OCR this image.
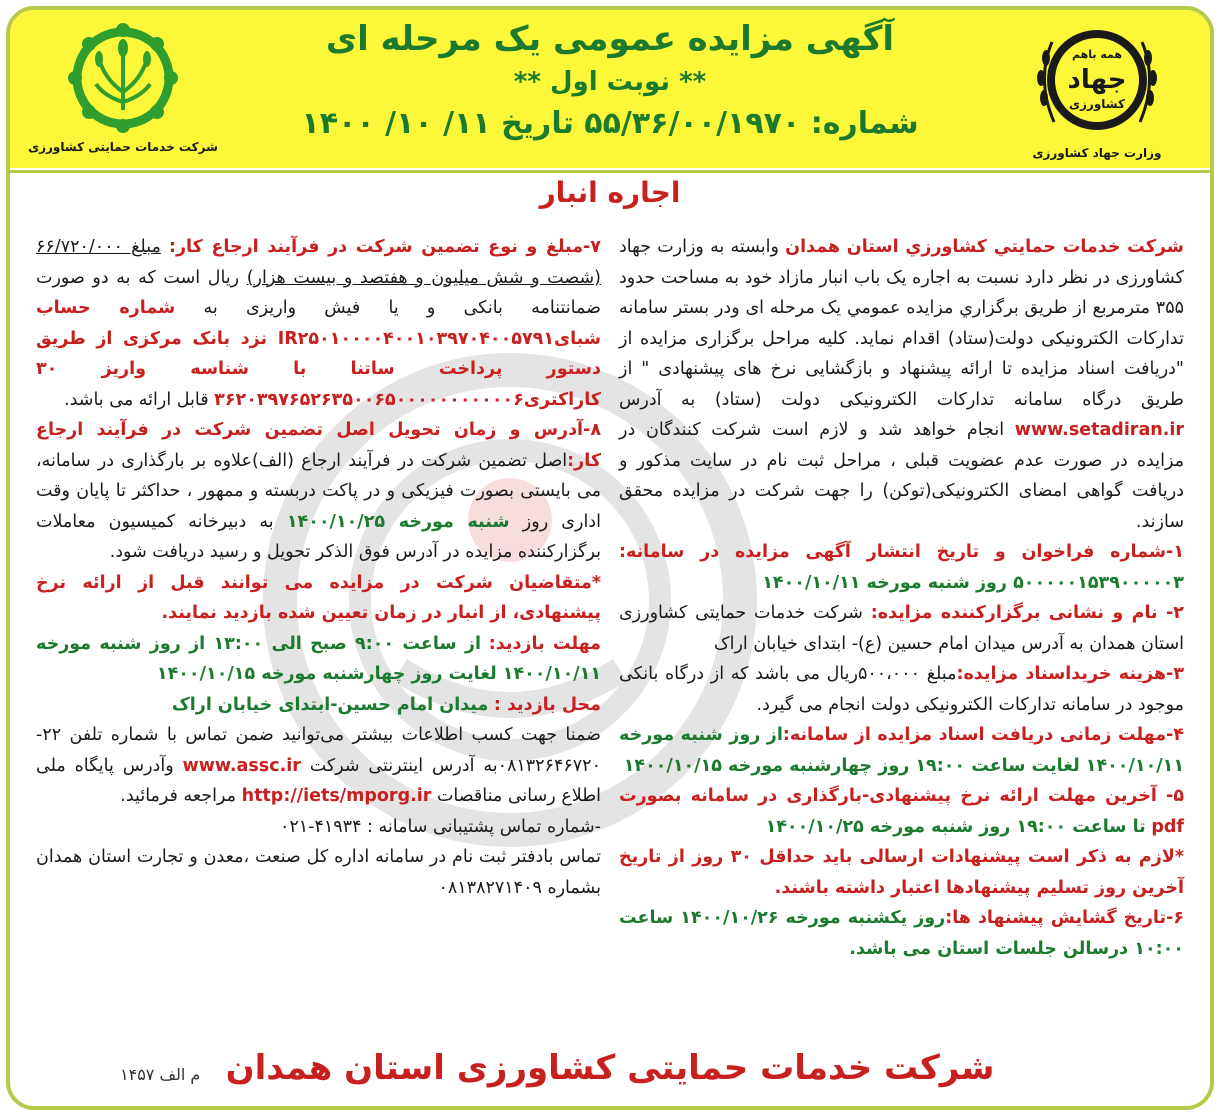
همه باهم
جهاد
کشاورزی
وزارت جهاد کشاورزی
شرکت خدمات حمایتی کشاورزی
آگهی مزایده عمومی یک مرحله ای
** نوبت اول **
شماره: ۵۵/۳۶/۰۰/۱۹۷۰ تاریخ ۱۱/ ۱۰/ ۱۴۰۰
اجاره انبار

شرکت خدمات حمایتي كشاورزي استان همدان وابسته به وزارت جهاد کشاورزی در نظر دارد نسبت به اجاره یک باب انبار مازاد خود به مساحت حدود ۳۵۵ مترمربع از طريق برگزاري مزايده عمومي یک مرحله ای ودر بستر سامانه تدارکات الکترونیکی دولت(ستاد) اقدام نماید. کلیه مراحل برگزاری مزایده از "دریافت اسناد مزایده تا ارائه پیشنهاد و بازگشایی نرخ های پیشنهادی " از طریق درگاه سامانه تدارکات الکترونیکی دولت (ستاد) به آدرس www.setadiran.ir انجام خواهد شد و لازم است شرکت کنندگان در مزایده در صورت عدم عضویت قبلی ، مراحل ثبت نام در سایت مذکور و دریافت گواهی امضای الکترونیکی(توکن) را جهت شرکت در مزایده محقق سازند.

۱-شماره فراخوان و تاریخ انتشار آگهی مزایده در سامانه: ۵۰۰۰۰۰۱۵۳۹۰۰۰۰۰۳ روز شنبه مورخه ۱۴۰۰/۱۰/۱۱

۲- نام و نشانی برگزارکننده مزایده: شرکت خدمات حمایتی کشاورزی استان همدان به آدرس میدان امام حسین (ع)- ابتدای خیابان اراک

۳-هزینه خریداسناد مزایده:مبلغ ۵۰۰،۰۰۰ریال می باشد که از درگاه بانکی موجود در سامانه تدارکات الکترونیکی دولت انجام می گیرد.

۴-مهلت زمانی دریافت اسناد مزایده از سامانه:از روز شنبه مورخه ۱۴۰۰/۱۰/۱۱ لغایت ساعت ۱۹:۰۰ روز چهارشنبه مورخه ۱۴۰۰/۱۰/۱۵

۵- آخرین مهلت ارائه نرخ پیشنهادی-بارگذاری در سامانه بصورت pdf تا ساعت ۱۹:۰۰ روز شنبه مورخه ۱۴۰۰/۱۰/۲۵

*لازم به ذکر است پیشنهادات ارسالی باید حداقل ۳۰ روز از تاریخ آخرین روز تسلیم پیشنهادها اعتبار داشته باشند.

۶-تاریخ گشایش پیشنهاد ها:روز یکشنبه مورخه ۱۴۰۰/۱۰/۲۶ ساعت ۱۰:۰۰ درسالن جلسات استان می باشد.

۷-مبلغ و نوع تضمین شرکت در فرآیند ارجاع کار: مبلغ ۶۶/۷۲۰/۰۰۰ (شصت و شش میلیون و هفتصد و بیست هزار) ریال است که به دو صورت ضمانتنامه بانکی و یا فیش واریزی به شماره حساب شبایIR۲۵۰۱۰۰۰۰۴۰۰۱۰۳۹۷۰۴۰۰۵۷۹۱ نزد بانک مرکزی از طریق دستور پرداخت ساتنا با شناسه واریز ۳۰ کاراکتری۳۶۲۰۳۹۷۶۵۲۶۳۵۰۰۶۵۰۰۰۰۰۰۰۰۰۰۰۶ قابل ارائه می باشد.

۸-آدرس و زمان تحویل اصل تضمین شرکت در فرآیند ارجاع کار:اصل تضمین شرکت در فرآیند ارجاع (الف)علاوه بر بارگذاری در سامانه، می بایستی بصورت فیزیکی و در پاکت دربسته و ممهور ، حداکثر تا پایان وقت اداری روز شنبه مورخه ۱۴۰۰/۱۰/۲۵ به دبیرخانه کمیسیون معاملات برگزارکننده مزایده در آدرس فوق الذکر تحویل و رسید دریافت شود.

*متقاضیان شرکت در مزایده می توانند قبل از ارائه نرخ پیشنهادی، از انبار در زمان تعیین شده بازدید نمایند.

مهلت بازدید: از ساعت ۹:۰۰ صبح الی ۱۳:۰۰ از روز شنبه مورخه ۱۴۰۰/۱۰/۱۱ لغایت روز چهارشنبه مورخه ۱۴۰۰/۱۰/۱۵

محل بازدید : میدان امام حسین-ابتدای خیابان اراک

ضمنا جهت کسب اطلاعات بیشتر می‌توانید ضمن تماس با شماره تلفن ۲۲- ۰۸۱۳۲۶۴۶۷۲۰به آدرس اینترنتی شرکت www.assc.ir وآدرس پایگاه ملی اطلاع رسانی مناقصات http://iets/mporg.ir مراجعه فرمائید.

-شماره تماس پشتیبانی سامانه : ۴۱۹۳۴-۰۲۱

تماس بادفتر ثبت نام در سامانه اداره کل صنعت ،معدن و تجارت استان همدان بشماره ۰۸۱۳۸۲۷۱۴۰۹

شرکت خدمات حمایتی کشاورزی استان همدان
م الف ۱۴۵۷
